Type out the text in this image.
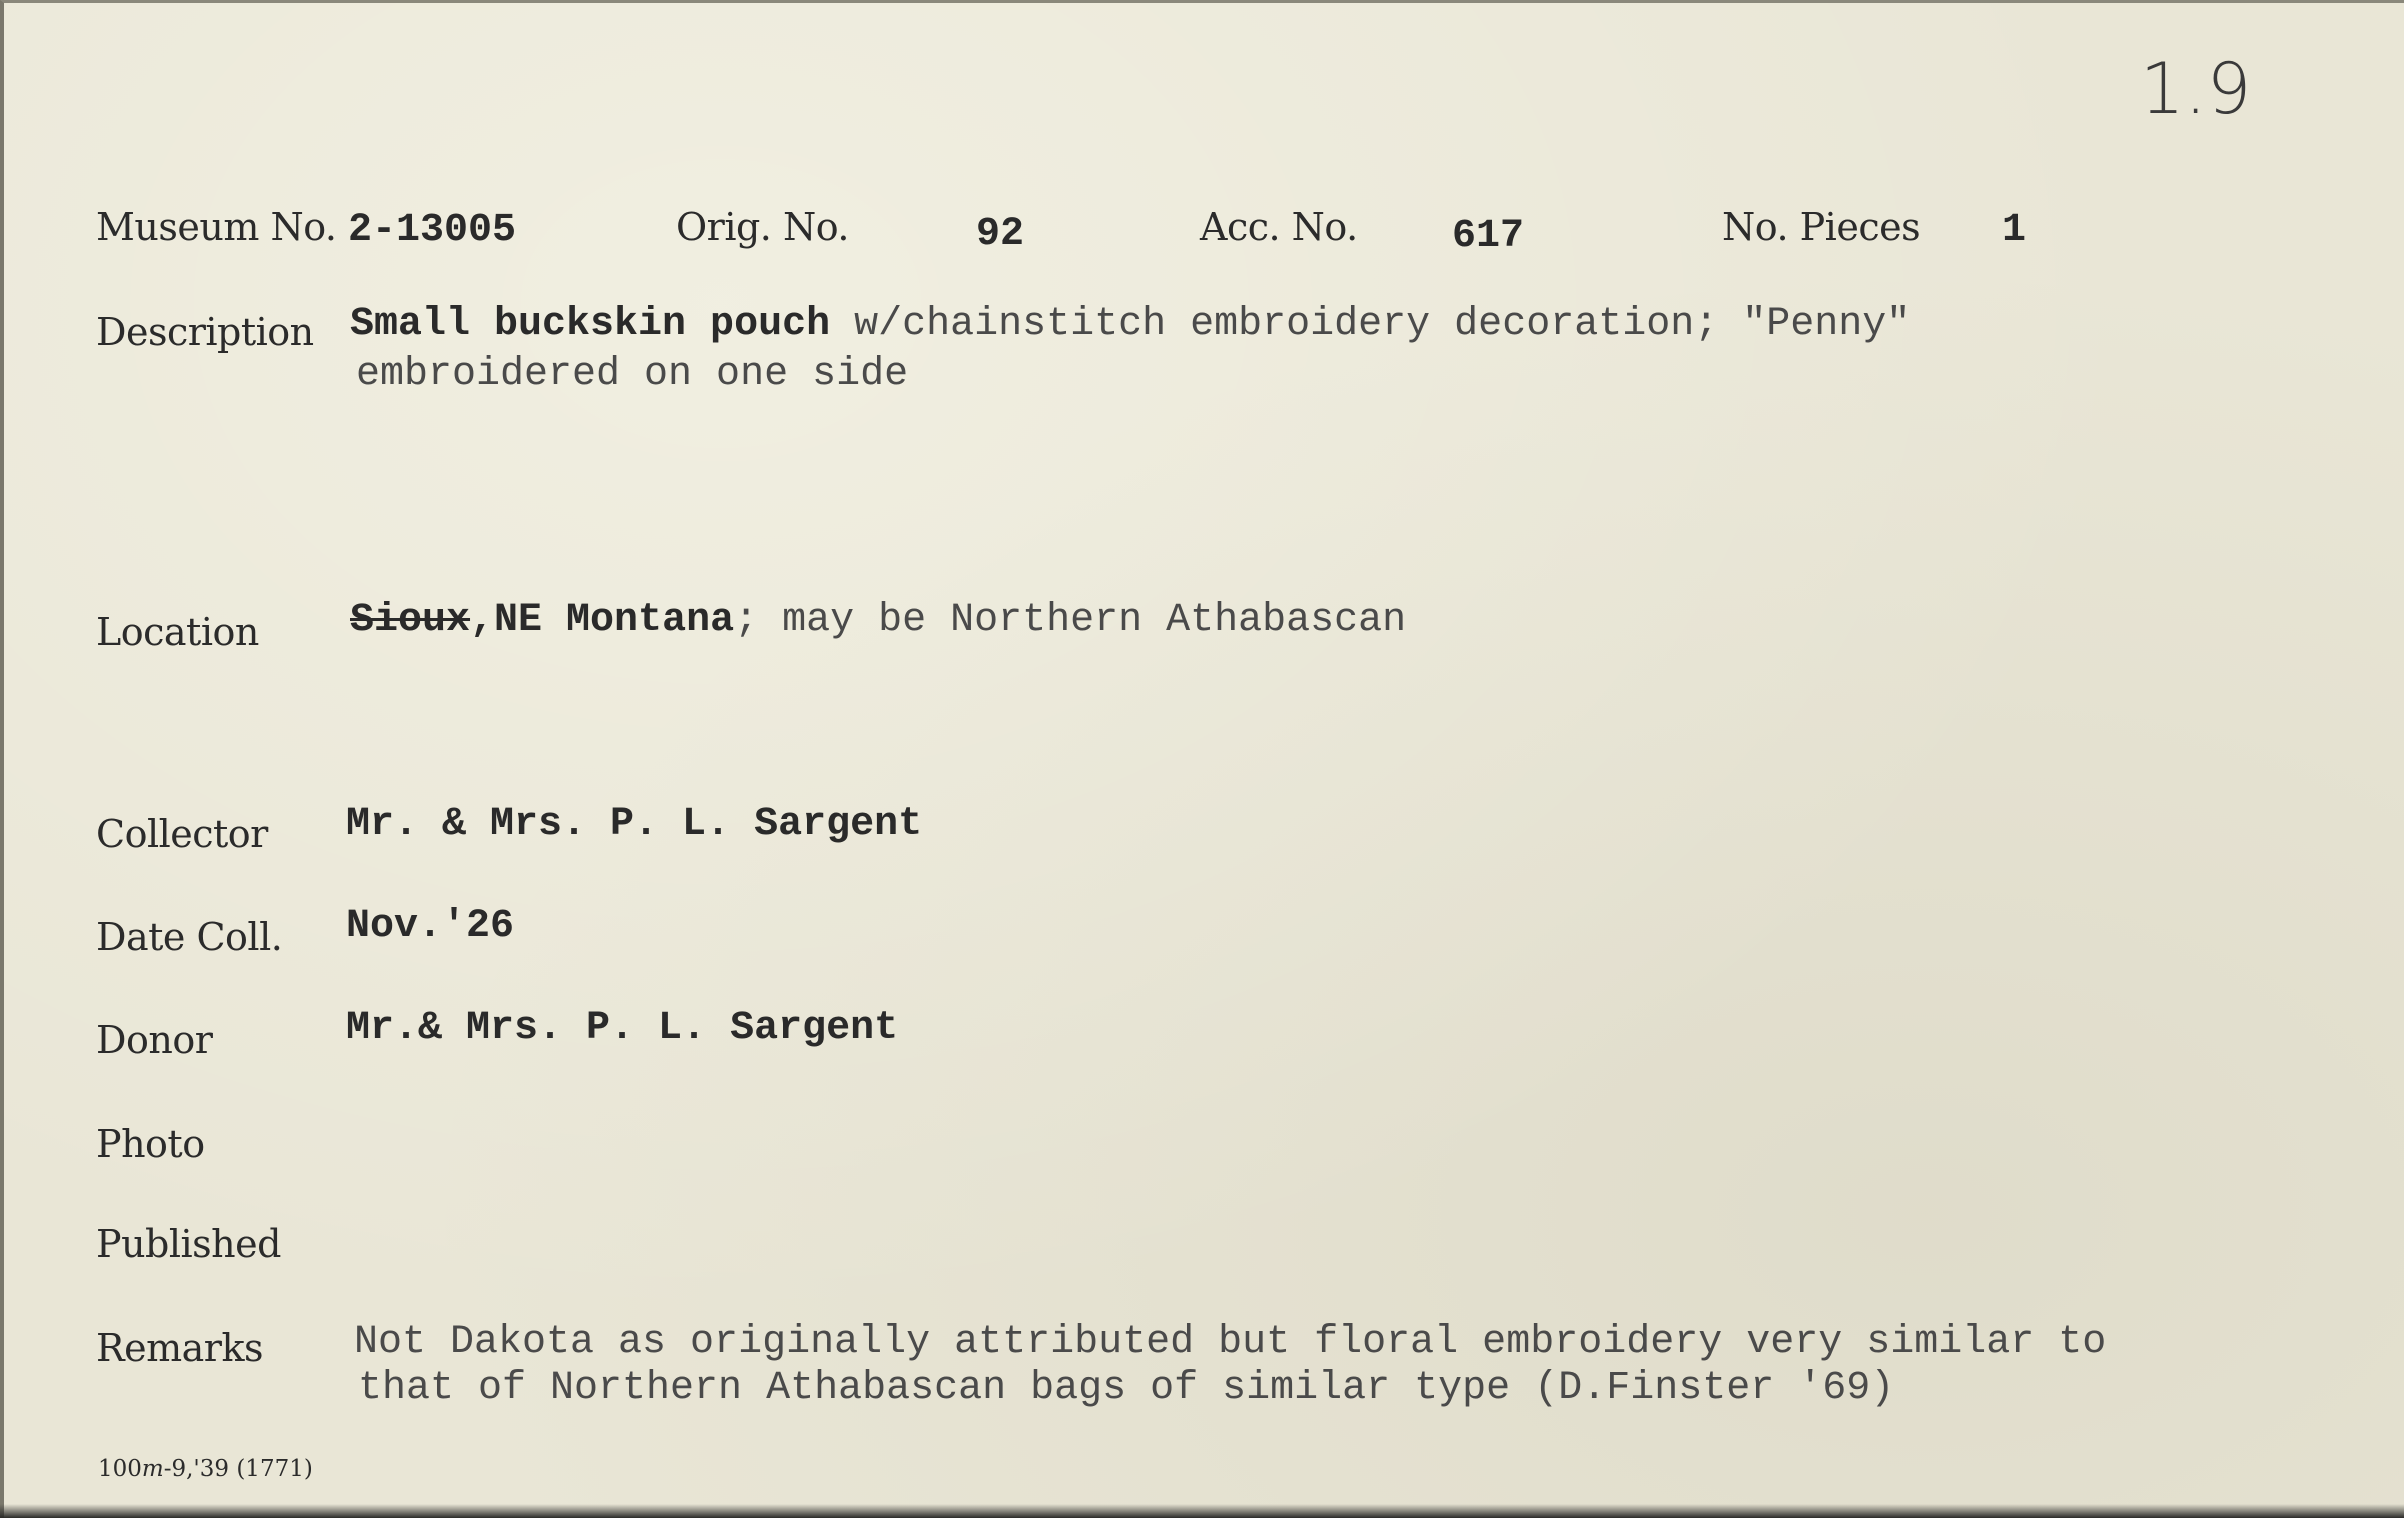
1.9
Museum No. 2-13005	Orig. No.	92	Acc. No. 617	No. Pieces 1
Description Small buckskin pouch w/chainstitch embroidery decoration; "Penny"
embroidered on one side
Location Sioux,NE Montana; may be Northern Athabascan
Collector Mr. & Mrs. P. L. Sargent
Date Coll. Nov.'26
Donor	Mr.& Mrs. P. L. Sargent
Photo
Published
Remarks Not Dakota as originally attributed but floral embroidery very similar to
that of Northern Athabascan bags of similar type (D.Finster '69)
100m-9,'39 (1771)
